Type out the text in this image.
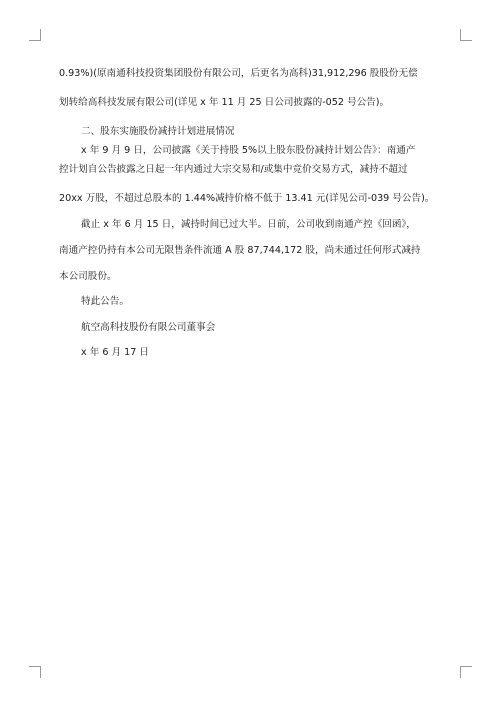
0.93%)(原南通科技投资集团股份有限公司，后更名为高科)31,912,296 股股份无偿
划转给高科技发展有限公司(详见 x 年 11 月 25 日公司披露的-052 号公告)。
二、股东实施股份减持计划进展情况
x 年 9 月 9 日，公司披露《关于持股 5%以上股东股份减持计划公告》：南通产
控计划自公告披露之日起一年内通过大宗交易和/或集中竞价交易方式，减持不超过
20xx 万股，不超过总股本的 1.44%减持价格不低于 13.41 元(详见公司-039 号公告)。
截止 x 年 6 月 15 日，减持时间已过大半。日前，公司收到南通产控《回函》，
南通产控仍持有本公司无限售条件流通 A 股 87,744,172 股，尚未通过任何形式减持
本公司股份。
特此公告。
航空高科技股份有限公司董事会
x 年 6 月 17 日
